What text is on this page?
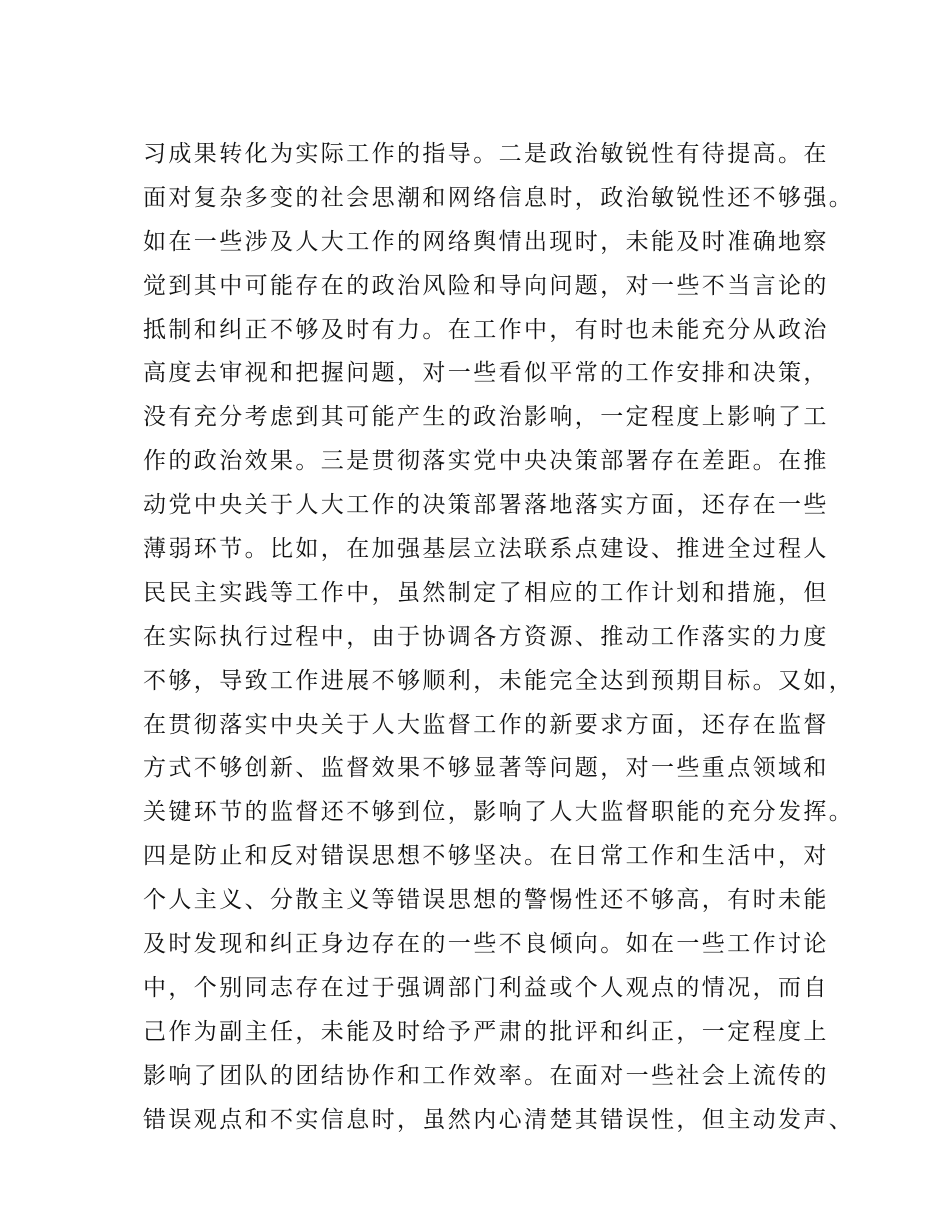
习成果转化为实际工作的指导。二是政治敏锐性有待提高。在
面对复杂多变的社会思潮和网络信息时，政治敏锐性还不够强。
如在一些涉及人大工作的网络舆情出现时，未能及时准确地察
觉到其中可能存在的政治风险和导向问题，对一些不当言论的
抵制和纠正不够及时有力。在工作中，有时也未能充分从政治
高度去审视和把握问题，对一些看似平常的工作安排和决策，
没有充分考虑到其可能产生的政治影响，一定程度上影响了工
作的政治效果。三是贯彻落实党中央决策部署存在差距。在推
动党中央关于人大工作的决策部署落地落实方面，还存在一些
薄弱环节。比如，在加强基层立法联系点建设、推进全过程人
民民主实践等工作中，虽然制定了相应的工作计划和措施，但
在实际执行过程中，由于协调各方资源、推动工作落实的力度
不够，导致工作进展不够顺利，未能完全达到预期目标。又如，
在贯彻落实中央关于人大监督工作的新要求方面，还存在监督
方式不够创新、监督效果不够显著等问题，对一些重点领域和
关键环节的监督还不够到位，影响了人大监督职能的充分发挥。
四是防止和反对错误思想不够坚决。在日常工作和生活中，对
个人主义、分散主义等错误思想的警惕性还不够高，有时未能
及时发现和纠正身边存在的一些不良倾向。如在一些工作讨论
中，个别同志存在过于强调部门利益或个人观点的情况，而自
己作为副主任，未能及时给予严肃的批评和纠正，一定程度上
影响了团队的团结协作和工作效率。在面对一些社会上流传的
错误观点和不实信息时，虽然内心清楚其错误性，但主动发声、
